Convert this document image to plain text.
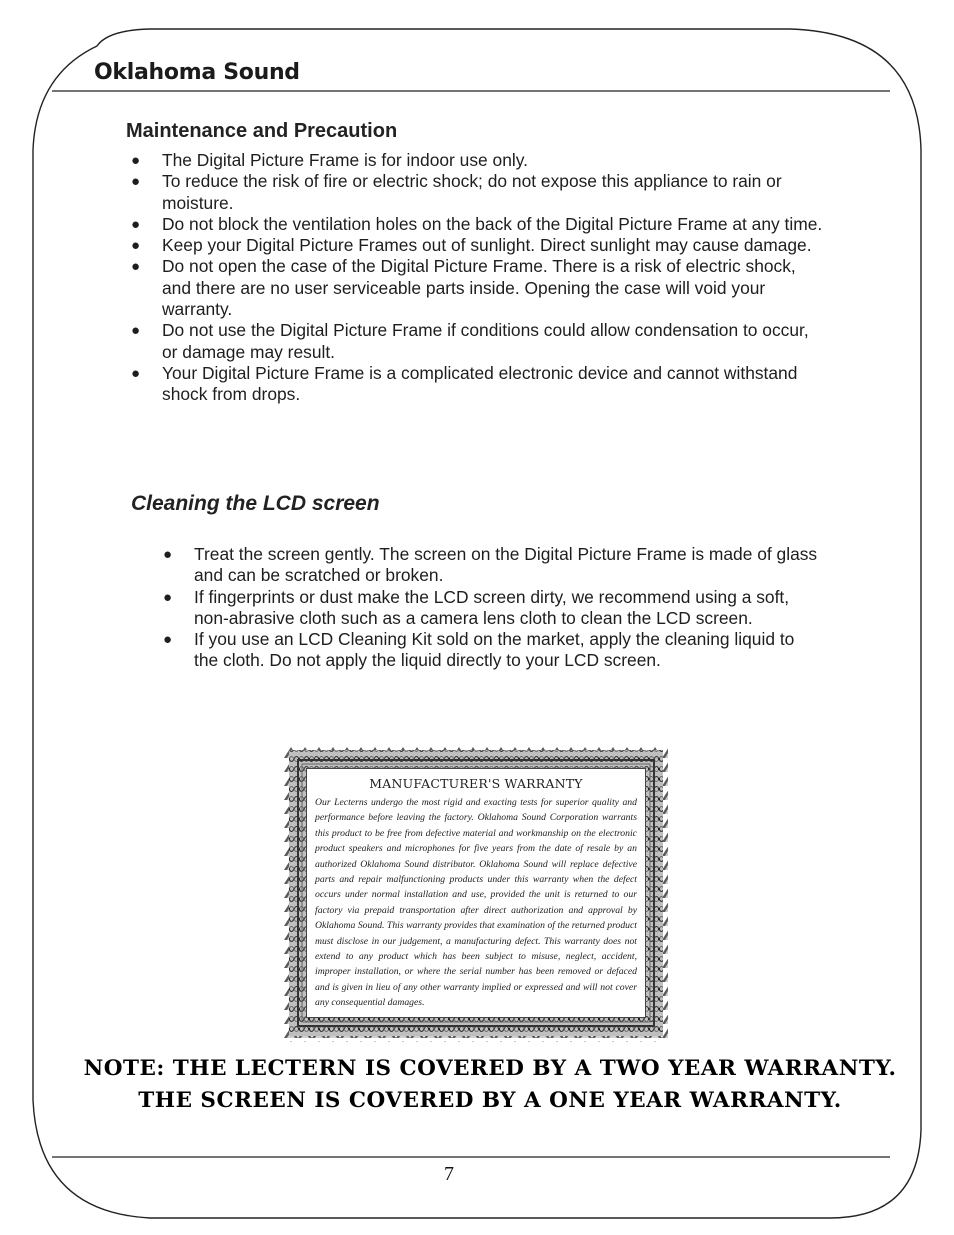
Oklahoma Sound
Maintenance and Precaution
● The Digital Picture Frame is for indoor use only.
● To reduce the risk of fire or electric shock; do not expose this appliance to rain or moisture.
● Do not block the ventilation holes on the back of the Digital Picture Frame at any time.
● Keep your Digital Picture Frames out of sunlight. Direct sunlight may cause damage.
● Do not open the case of the Digital Picture Frame. There is a risk of electric shock, and there are no user serviceable parts inside. Opening the case will void your warranty.
● Do not use the Digital Picture Frame if conditions could allow condensation to occur, or damage may result.
● Your Digital Picture Frame is a complicated electronic device and cannot withstand shock from drops.
Cleaning the LCD screen
● Treat the screen gently. The screen on the Digital Picture Frame is made of glass and can be scratched or broken.
● If fingerprints or dust make the LCD screen dirty, we recommend using a soft, non-abrasive cloth such as a camera lens cloth to clean the LCD screen.
● If you use an LCD Cleaning Kit sold on the market, apply the cleaning liquid to the cloth. Do not apply the liquid directly to your LCD screen.
MANUFACTURER'S WARRANTY
Our Lecterns undergo the most rigid and exacting tests for superior quality and performance before leaving the factory. Oklahoma Sound Corporation warrants this product to be free from defective material and workmanship on the electronic product speakers and microphones for five years from the date of resale by an authorized Oklahoma Sound distributor. Oklahoma Sound will replace defective parts and repair malfunctioning products under this warranty when the defect occurs under normal installation and use, provided the unit is returned to our factory via prepaid transportation after direct authorization and approval by Oklahoma Sound. This warranty provides that examination of the returned product must disclose in our judgement, a manufacturing defect. This warranty does not extend to any product which has been subject to misuse, neglect, accident, improper installation, or where the serial number has been removed or defaced and is given in lieu of any other warranty implied or expressed and will not cover any consequential damages.
NOTE: THE LECTERN IS COVERED BY A TWO YEAR WARRANTY.
THE SCREEN IS COVERED BY A ONE YEAR WARRANTY.
7
